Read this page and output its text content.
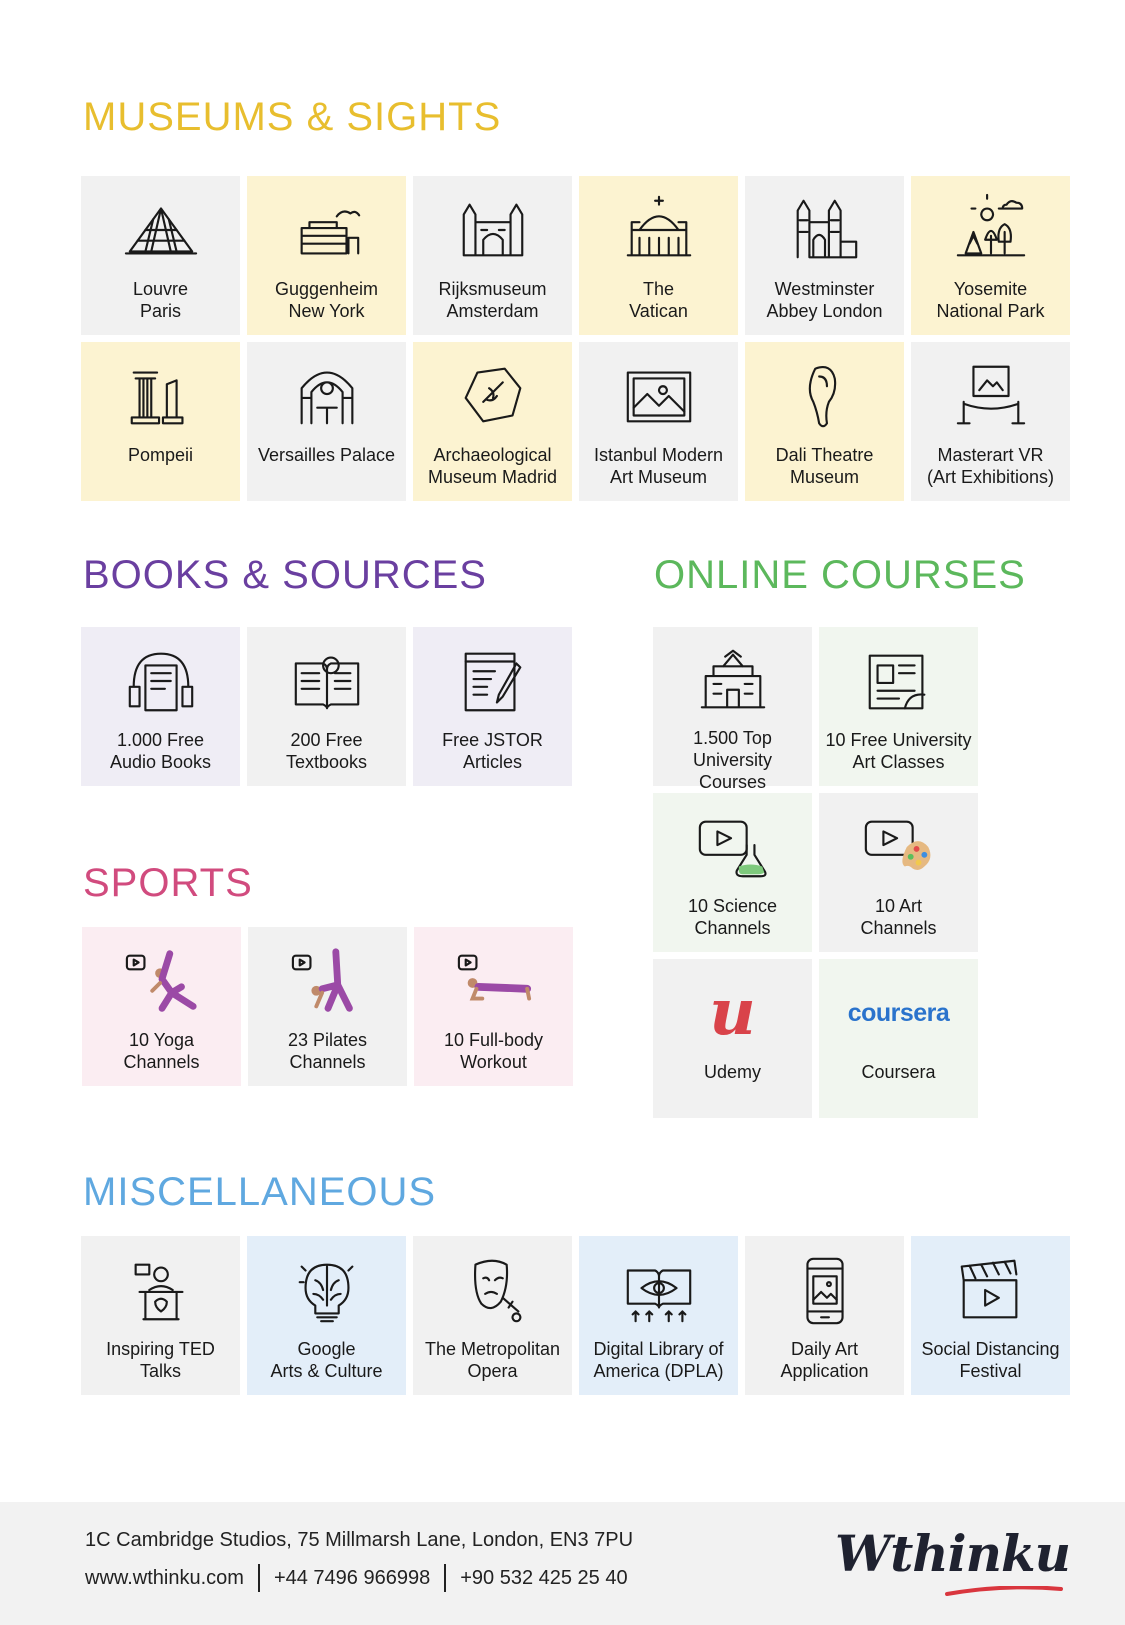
MUSEUMS & SIGHTS
BOOKS & SOURCES	ONLINE COURSES
SPORTS
MISCELLANEOUS
Louvre
Paris
Guggenheim
New York
Rijksmuseum
Amsterdam
The
Vatican
Westminster
Abbey London
Yosemite
National Park
Pompeii	Versailles Palace	Archaeological
Museum Madrid
Istanbul Modern
Art Museum
Dali Theatre
Museum
Masterart VR
(Art Exhibitions)
1.000 Free
Audio Books
200 Free
Textbooks
Free JSTOR
Articles
10 Yoga
Channels
23 Pilates
Channels
10 Full-body
Workout
1.500 Top
University Courses
10 Free University
Art Classes
10 Science
Channels
10 Art
Channels
u
Udemy
coursera
Coursera
Inspiring TED
Talks
Google
Arts & Culture
The Metropolitan
Opera
Digital Library of
America (DPLA)
Daily Art
Application
Social Distancing
Festival
1C Cambridge Studios, 75 Millmarsh Lane, London, EN3 7PU
www.wthinku.com +44 7496 966998 +90 532 425 25 40	Wthinku
